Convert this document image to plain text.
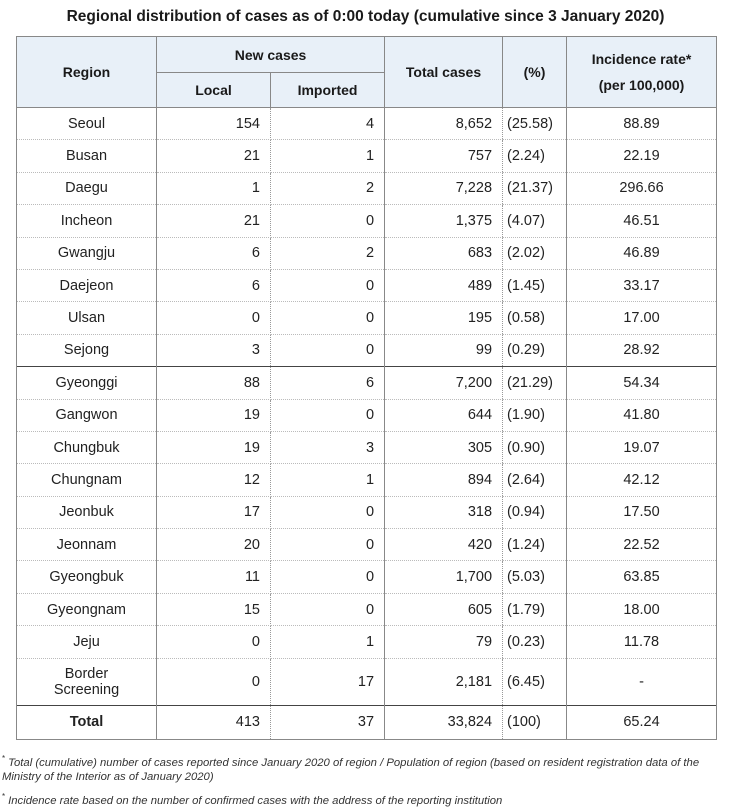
Regional distribution of cases as of 0:00 today (cumulative since 3 January 2020)
Region	New cases		Total cases	(%)	Incidence rate*
(per 100,000)
	Local	Imported			
Seoul	154	4	8,652	(25.58)	88.89
Busan	21	1	757	(2.24)	22.19
Daegu	1	2	7,228	(21.37)	296.66
Incheon	21	0	1,375	(4.07)	46.51
Gwangju	6	2	683	(2.02)	46.89
Daejeon	6	0	489	(1.45)	33.17
Ulsan	0	0	195	(0.58)	17.00
Sejong	3	0	99	(0.29)	28.92
Gyeonggi	88	6	7,200	(21.29)	54.34
Gangwon	19	0	644	(1.90)	41.80
Chungbuk	19	3	305	(0.90)	19.07
Chungnam	12	1	894	(2.64)	42.12
Jeonbuk	17	0	318	(0.94)	17.50
Jeonnam	20	0	420	(1.24)	22.52
Gyeongbuk	11	0	1,700	(5.03)	63.85
Gyeongnam	15	0	605	(1.79)	18.00
Jeju	0	1	79	(0.23)	11.78
Border
Screening	0	17	2,181	(6.45)	-
Total	413	37	33,824	(100)	65.24
* Total (cumulative) number of cases reported since January 2020 of region / Population of region (based on resident registration data of the Ministry of the Interior as of January 2020)
* Incidence rate based on the number of confirmed cases with the address of the reporting institution
